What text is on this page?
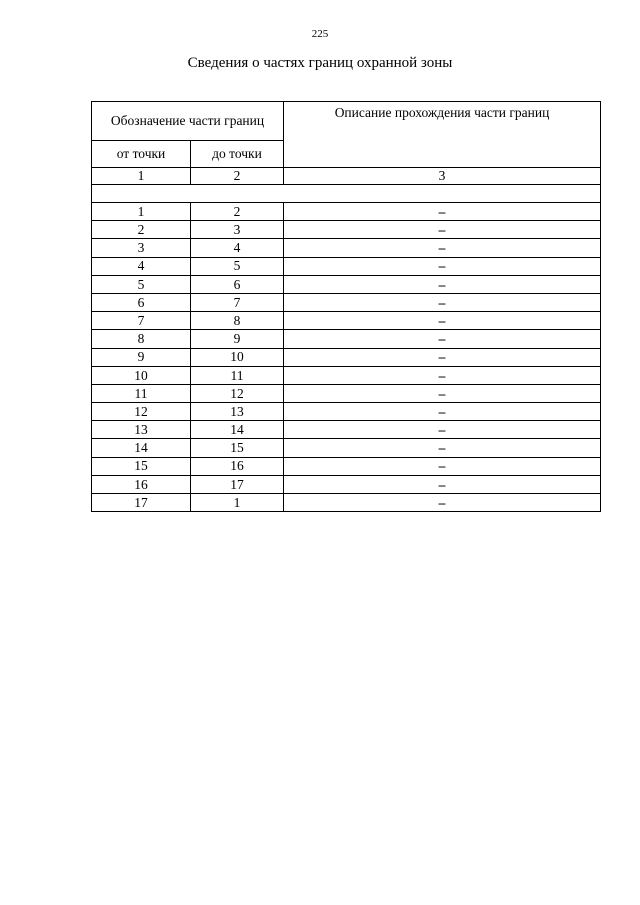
225
Сведения о частях границ охранной зоны
Обозначение части границ		Описание прохождения части границ
от точки	до точки	
1	2	3

1	2	–
2	3	–
3	4	–
4	5	–
5	6	–
6	7	–
7	8	–
8	9	–
9	10	–
10	11	–
11	12	–
12	13	–
13	14	–
14	15	–
15	16	–
16	17	–
17	1	–
